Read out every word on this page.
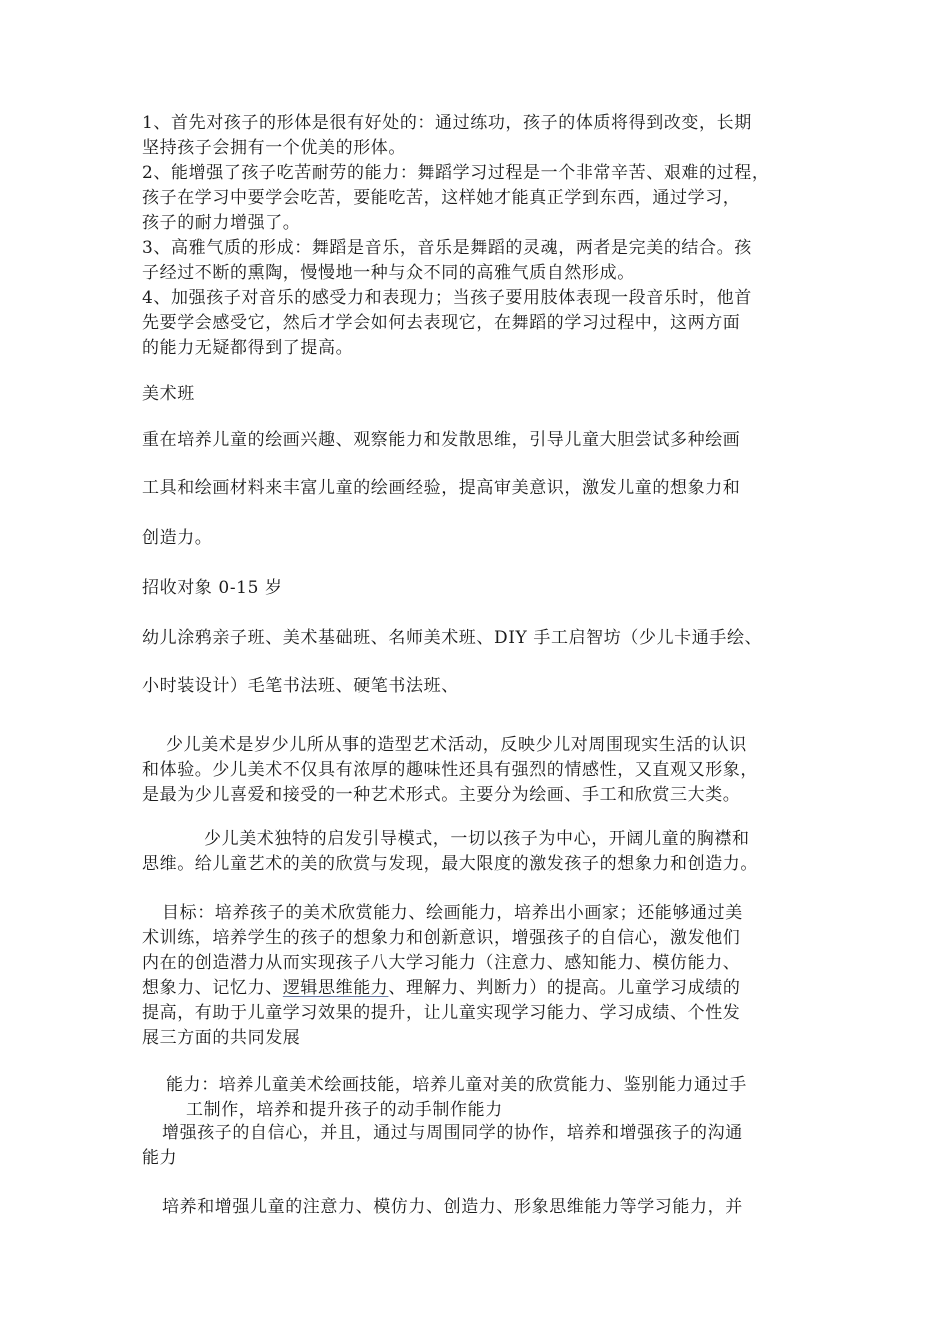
1、首先对孩子的形体是很有好处的：通过练功，孩子的体质将得到改变，长期
坚持孩子会拥有一个优美的形体。
2、能增强了孩子吃苦耐劳的能力：舞蹈学习过程是一个非常辛苦、艰难的过程，
孩子在学习中要学会吃苦，要能吃苦，这样她才能真正学到东西，通过学习，
孩子的耐力增强了。
3、高雅气质的形成：舞蹈是音乐，音乐是舞蹈的灵魂，两者是完美的结合。孩
子经过不断的熏陶，慢慢地一种与众不同的高雅气质自然形成。
4、加强孩子对音乐的感受力和表现力；当孩子要用肢体表现一段音乐时，他首
先要学会感受它，然后才学会如何去表现它，在舞蹈的学习过程中，这两方面
的能力无疑都得到了提高。
美术班
重在培养儿童的绘画兴趣、观察能力和发散思维，引导儿童大胆尝试多种绘画
工具和绘画材料来丰富儿童的绘画经验，提高审美意识，激发儿童的想象力和
创造力。
招收对象 0-15 岁
幼儿涂鸦亲子班、美术基础班、名师美术班、DIY 手工启智坊（少儿卡通手绘、
小时装设计）毛笔书法班、硬笔书法班、
少儿美术是岁少儿所从事的造型艺术活动，反映少儿对周围现实生活的认识
和体验。少儿美术不仅具有浓厚的趣味性还具有强烈的情感性，又直观又形象，
是最为少儿喜爱和接受的一种艺术形式。主要分为绘画、手工和欣赏三大类。
少儿美术独特的启发引导模式，一切以孩子为中心，开阔儿童的胸襟和
思维。给儿童艺术的美的欣赏与发现，最大限度的激发孩子的想象力和创造力。
目标：培养孩子的美术欣赏能力、绘画能力，培养出小画家；还能够通过美
术训练，培养学生的孩子的想象力和创新意识，增强孩子的自信心，激发他们
内在的创造潜力从而实现孩子八大学习能力（注意力、感知能力、模仿能力、
想象力、记忆力、逻辑思维能力、理解力、判断力）的提高。儿童学习成绩的
提高，有助于儿童学习效果的提升，让儿童实现学习能力、学习成绩、个性发
展三方面的共同发展
能力：培养儿童美术绘画技能，培养儿童对美的欣赏能力、鉴别能力通过手
工制作，培养和提升孩子的动手制作能力
增强孩子的自信心，并且，通过与周围同学的协作，培养和增强孩子的沟通
能力
培养和增强儿童的注意力、模仿力、创造力、形象思维能力等学习能力，并
